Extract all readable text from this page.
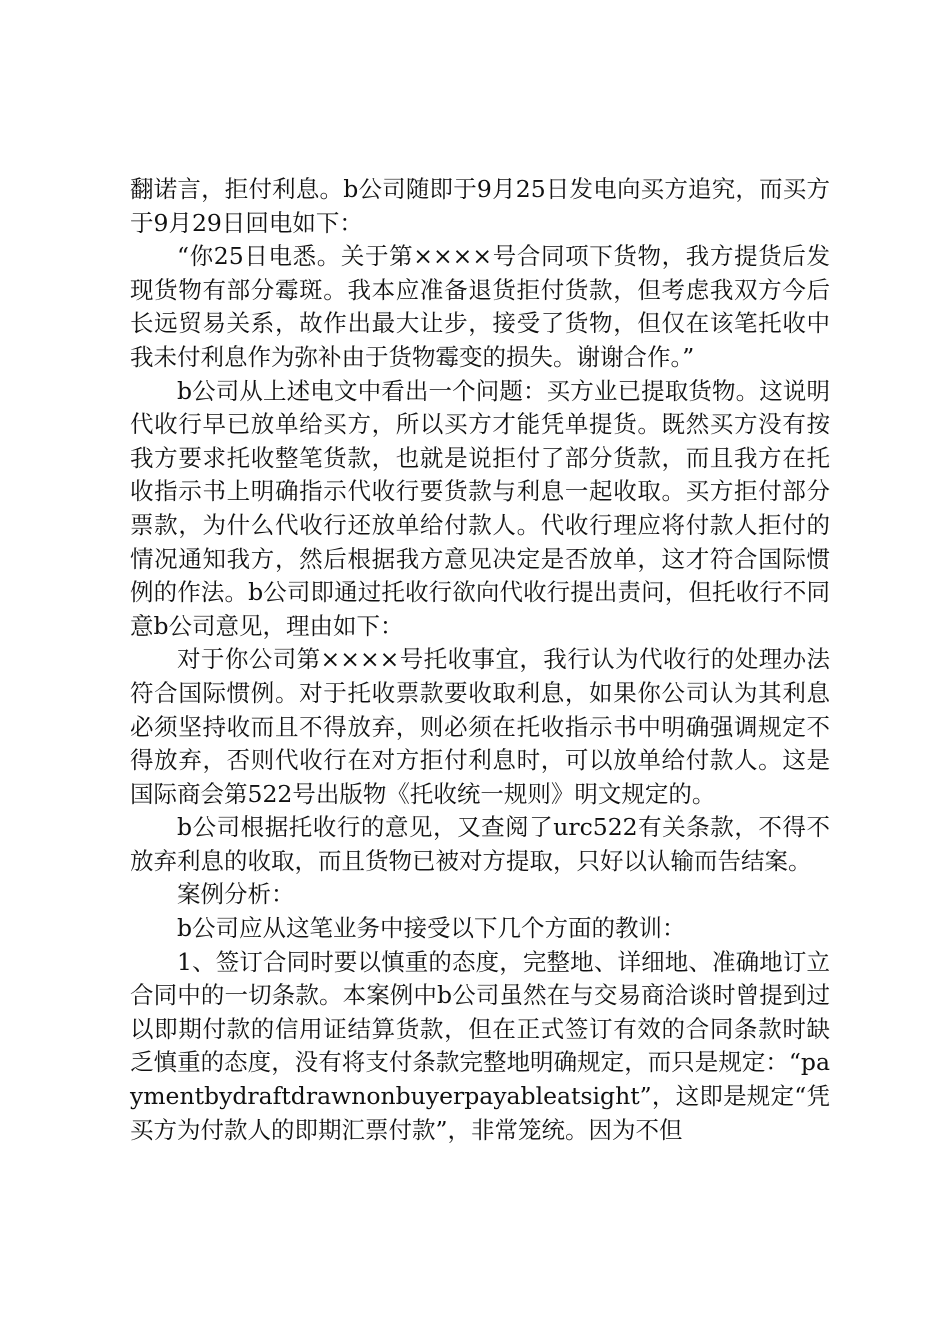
翻诺言，拒付利息。b公司随即于9月25日发电向买方追究，而买方于9月29日回电如下：

“你25日电悉。关于第××××号合同项下货物，我方提货后发现货物有部分霉斑。我本应准备退货拒付货款，但考虑我双方今后长远贸易关系，故作出最大让步，接受了货物，但仅在该笔托收中我未付利息作为弥补由于货物霉变的损失。谢谢合作。”

b公司从上述电文中看出一个问题：买方业已提取货物。这说明代收行早已放单给买方，所以买方才能凭单提货。既然买方没有按我方要求托收整笔货款，也就是说拒付了部分货款，而且我方在托收指示书上明确指示代收行要货款与利息一起收取。买方拒付部分票款，为什么代收行还放单给付款人。代收行理应将付款人拒付的情况通知我方，然后根据我方意见决定是否放单，这才符合国际惯例的作法。b公司即通过托收行欲向代收行提出责问，但托收行不同意b公司意见，理由如下：

对于你公司第××××号托收事宜，我行认为代收行的处理办法符合国际惯例。对于托收票款要收取利息，如果你公司认为其利息必须坚持收而且不得放弃，则必须在托收指示书中明确强调规定不得放弃，否则代收行在对方拒付利息时，可以放单给付款人。这是国际商会第522号出版物《托收统一规则》明文规定的。

b公司根据托收行的意见，又查阅了urc522有关条款，不得不放弃利息的收取，而且货物已被对方提取，只好以认输而告结案。

案例分析：

b公司应从这笔业务中接受以下几个方面的教训：

1、签订合同时要以慎重的态度，完整地、详细地、准确地订立合同中的一切条款。本案例中b公司虽然在与交易商洽谈时曾提到过以即期付款的信用证结算货款，但在正式签订有效的合同条款时缺乏慎重的态度，没有将支付条款完整地明确规定，而只是规定：“paymentbydraftdrawnonbuyerpayableatsight”，这即是规定“凭买方为付款人的即期汇票付款”，非常笼统。因为不但
